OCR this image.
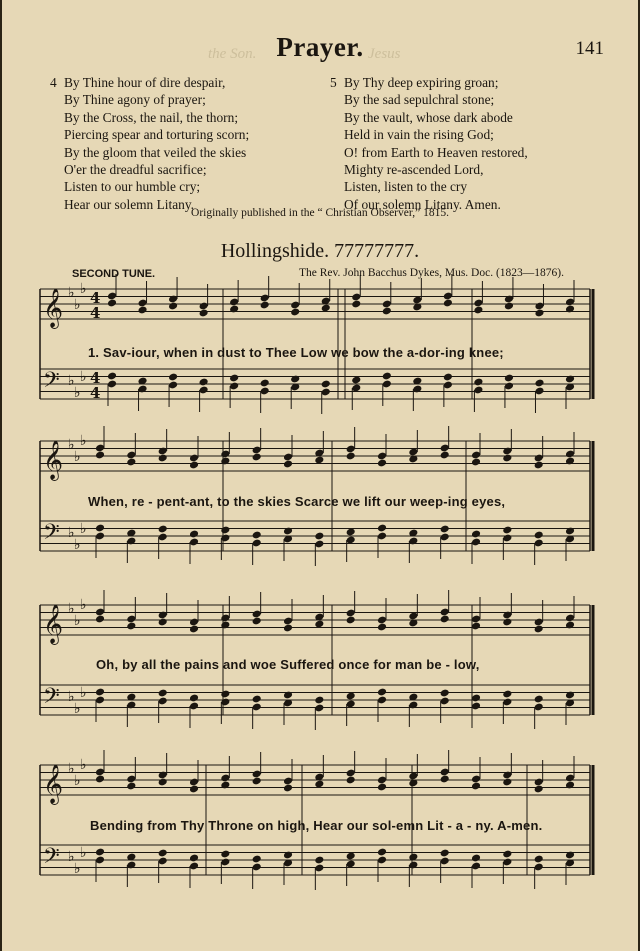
the Son.	Jesus
Prayer.	141
4 By Thine hour of dire despair,
By Thine agony of prayer;
By the Cross, the nail, the thorn;
Piercing spear and torturing scorn;
By the gloom that veiled the skies
O'er the dreadful sacrifice;
Listen to our humble cry;
Hear our solemn Litany.
5 By Thy deep expiring groan;
By the sad sepulchral stone;
By the vault, whose dark abode
Held in vain the rising God;
O! from Earth to Heaven restored,
Mighty re-ascended Lord,
Listen, listen to the cry
Of our solemn Litany. Amen.
Originally published in the “ Christian Observer,” 1815.
Hollingshide. 77777777.
SECOND TUNE.	The Rev. John Bacchus Dykes, Mus. Doc. (1823—1876).
𝄞 ♭
♭
♭ 4
4
𝄢 ♭
♭
♭ 4
4
𝄞 ♭
♭
♭
𝄢 ♭
♭
♭
𝄞 ♭
♭
♭
𝄢 ♭
♭
♭
𝄞 ♭
♭
♭
𝄢 ♭
♭
♭
1. Sav-iour, when in dust to Thee Low we bow the a-dor-ing knee;
When, re - pent-ant, to the skies Scarce we lift our weep-ing eyes,
Oh, by all the pains and woe Suffered once for man be - low,
Bending from Thy Throne on high, Hear our sol-emn Lit - a - ny. A-men.
